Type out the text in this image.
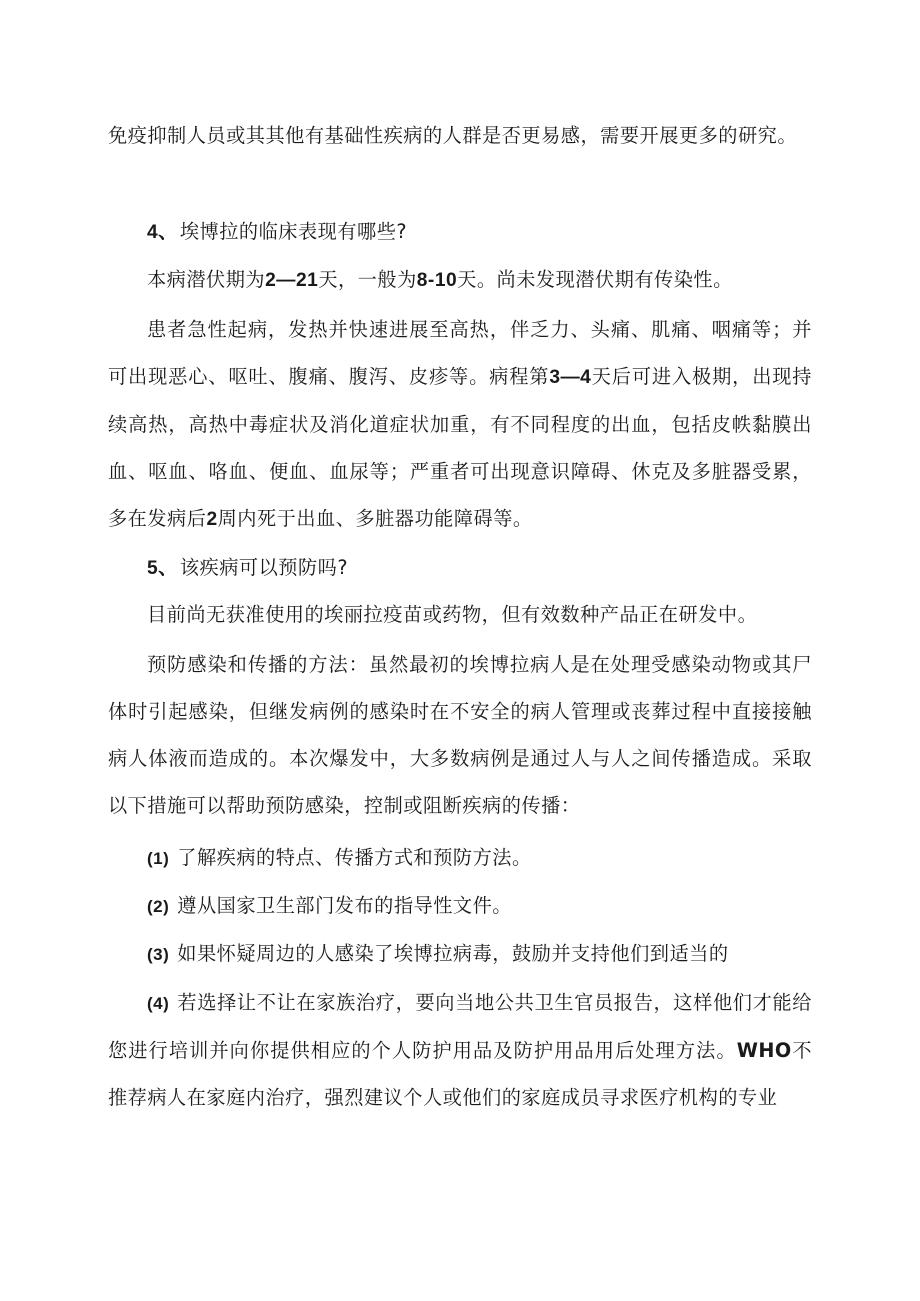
免疫抑制人员或其其他有基础性疾病的人群是否更易感，需要开展更多的研究。

4、 埃博拉的临床表现有哪些?

本病潜伏期为2—21天，一般为8-10天。尚未发现潜伏期有传染性。

患者急性起病，发热并快速进展至高热，伴乏力、头痛、肌痛、咽痛等；并可出现恶心、呕吐、腹痛、腹泻、皮疹等。病程第3—4天后可进入极期，出现持续高热，高热中毒症状及消化道症状加重，有不同程度的出血，包括皮帙黏膜出血、呕血、咯血、便血、血尿等；严重者可出现意识障碍、休克及多脏器受累，多在发病后2周内死于出血、多脏器功能障碍等。

5、 该疾病可以预防吗?

目前尚无获准使用的埃丽拉疫苗或药物，但有效数种产品正在研发中。

预防感染和传播的方法：虽然最初的埃博拉病人是在处理受感染动物或其尸体时引起感染，但继发病例的感染时在不安全的病人管理或丧葬过程中直接接触病人体液而造成的。本次爆发中，大多数病例是通过人与人之间传播造成。采取以下措施可以帮助预防感染，控制或阻断疾病的传播：

(1) 了解疾病的特点、传播方式和预防方法。

(2) 遵从国家卫生部门发布的指导性文件。

(3) 如果怀疑周边的人感染了埃博拉病毒，鼓励并支持他们到适当的

(4) 若选择让不让在家族治疗，要向当地公共卫生官员报告，这样他们才能给您进行培训并向你提供相应的个人防护用品及防护用品用后处理方法。WHO不推荐病人在家庭内治疗，强烈建议个人或他们的家庭成员寻求医疗机构的专业
